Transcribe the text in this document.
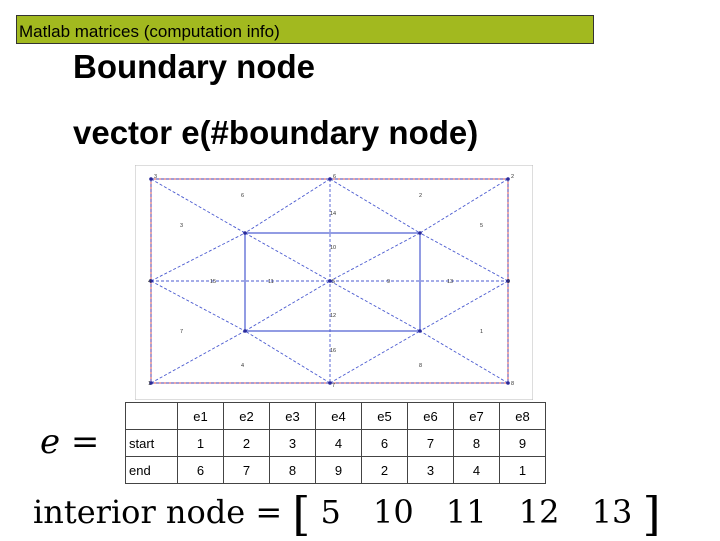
Matlab matrices (computation info)
Boundary node
vector e(#boundary node)
3	6	2
6	2
3	5
14
10
4	15	11	5	9	13	9
12
7	1
16
4	8
1	7	8
e =
	e1	e2	e3	e4	e5	e6	e7	e8
start	1	2	3	4	6	7	8	9
end	6	7	8	9	2	3	4	1
interior node = [ 5 10 11 12 13 ]
